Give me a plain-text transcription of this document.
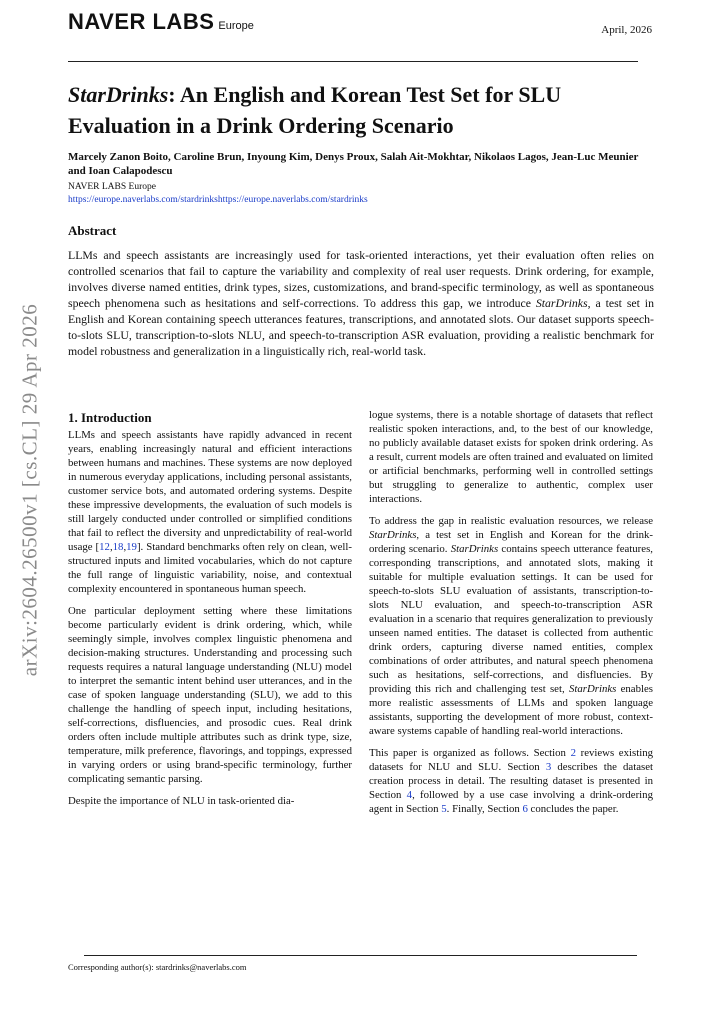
NAVER LABS Europe	April, 2026
arXiv:2604.26500v1 [cs.CL] 29 Apr 2026
StarDrinks: An English and Korean Test Set for SLU Evaluation in a Drink Ordering Scenario
Marcely Zanon Boito, Caroline Brun, Inyoung Kim, Denys Proux, Salah Ait-Mokhtar, Nikolaos Lagos, Jean-Luc Meunier and Ioan Calapodescu
NAVER LABS Europe
https://europe.naverlabs.com/stardrinkshttps://europe.naverlabs.com/stardrinks
Abstract
LLMs and speech assistants are increasingly used for task-oriented interactions, yet their evaluation often relies on controlled scenarios that fail to capture the variability and complexity of real user requests. Drink ordering, for example, involves diverse named entities, drink types, sizes, customizations, and brand-specific terminology, as well as spontaneous speech phenomena such as hesitations and self-corrections. To address this gap, we introduce StarDrinks, a test set in English and Korean containing speech utterances features, transcriptions, and annotated slots. Our dataset supports speech-to-slots SLU, transcription-to-slots NLU, and speech-to-transcription ASR evaluation, providing a realistic benchmark for model robustness and generalization in a linguistically rich, real-world task.
1. Introduction

LLMs and speech assistants have rapidly advanced in recent years, enabling increasingly natural and efficient interactions between humans and machines. These systems are now deployed in numerous everyday applications, including personal assistants, customer service bots, and automated ordering systems. Despite these impressive developments, the evaluation of such models is still largely conducted under controlled or simplified conditions that fail to reflect the diversity and unpredictability of real-world usage [12,18,19]. Standard benchmarks often rely on clean, well-structured inputs and limited vocabularies, which do not capture the full range of linguistic variability, noise, and contextual complexity encountered in spontaneous human speech.

One particular deployment setting where these limitations become particularly evident is drink ordering, which, while seemingly simple, involves complex linguistic phenomena and decision-making structures. Understanding and processing such requests requires a natural language understanding (NLU) model to interpret the semantic intent behind user utterances, and in the case of spoken language understanding (SLU), we add to this challenge the handling of speech input, including hesitations, self-corrections, disfluencies, and prosodic cues. Real drink orders often include multiple attributes such as drink type, size, temperature, milk preference, flavorings, and toppings, expressed in varying orders or using brand-specific terminology, further complicating semantic parsing.

Despite the importance of NLU in task-oriented dia-

logue systems, there is a notable shortage of datasets that reflect realistic spoken interactions, and, to the best of our knowledge, no publicly available dataset exists for spoken drink ordering. As a result, current models are often trained and evaluated on limited or artificial benchmarks, performing well in controlled settings but struggling to generalize to authentic, complex user interactions.

To address the gap in realistic evaluation resources, we release StarDrinks, a test set in English and Korean for the drink-ordering scenario. StarDrinks contains speech utterance features, corresponding transcriptions, and annotated slots, making it suitable for multiple evaluation settings. It can be used for speech-to-slots SLU evaluation of assistants, transcription-to-slots NLU evaluation, and speech-to-transcription ASR evaluation in a scenario that requires generalization to previously unseen named entities. The dataset is collected from authentic drink orders, capturing diverse named entities, complex combinations of order attributes, and natural speech phenomena such as hesitations, self-corrections, and disfluencies. By providing this rich and challenging test set, StarDrinks enables more realistic assessments of LLMs and spoken language assistants, supporting the development of more robust, context-aware systems capable of handling real-world interactions.

This paper is organized as follows. Section 2 reviews existing datasets for NLU and SLU. Section 3 describes the dataset creation process in detail. The resulting dataset is presented in Section 4, followed by a use case involving a drink-ordering agent in Section 5. Finally, Section 6 concludes the paper.

Corresponding author(s): stardrinks@naverlabs.com
